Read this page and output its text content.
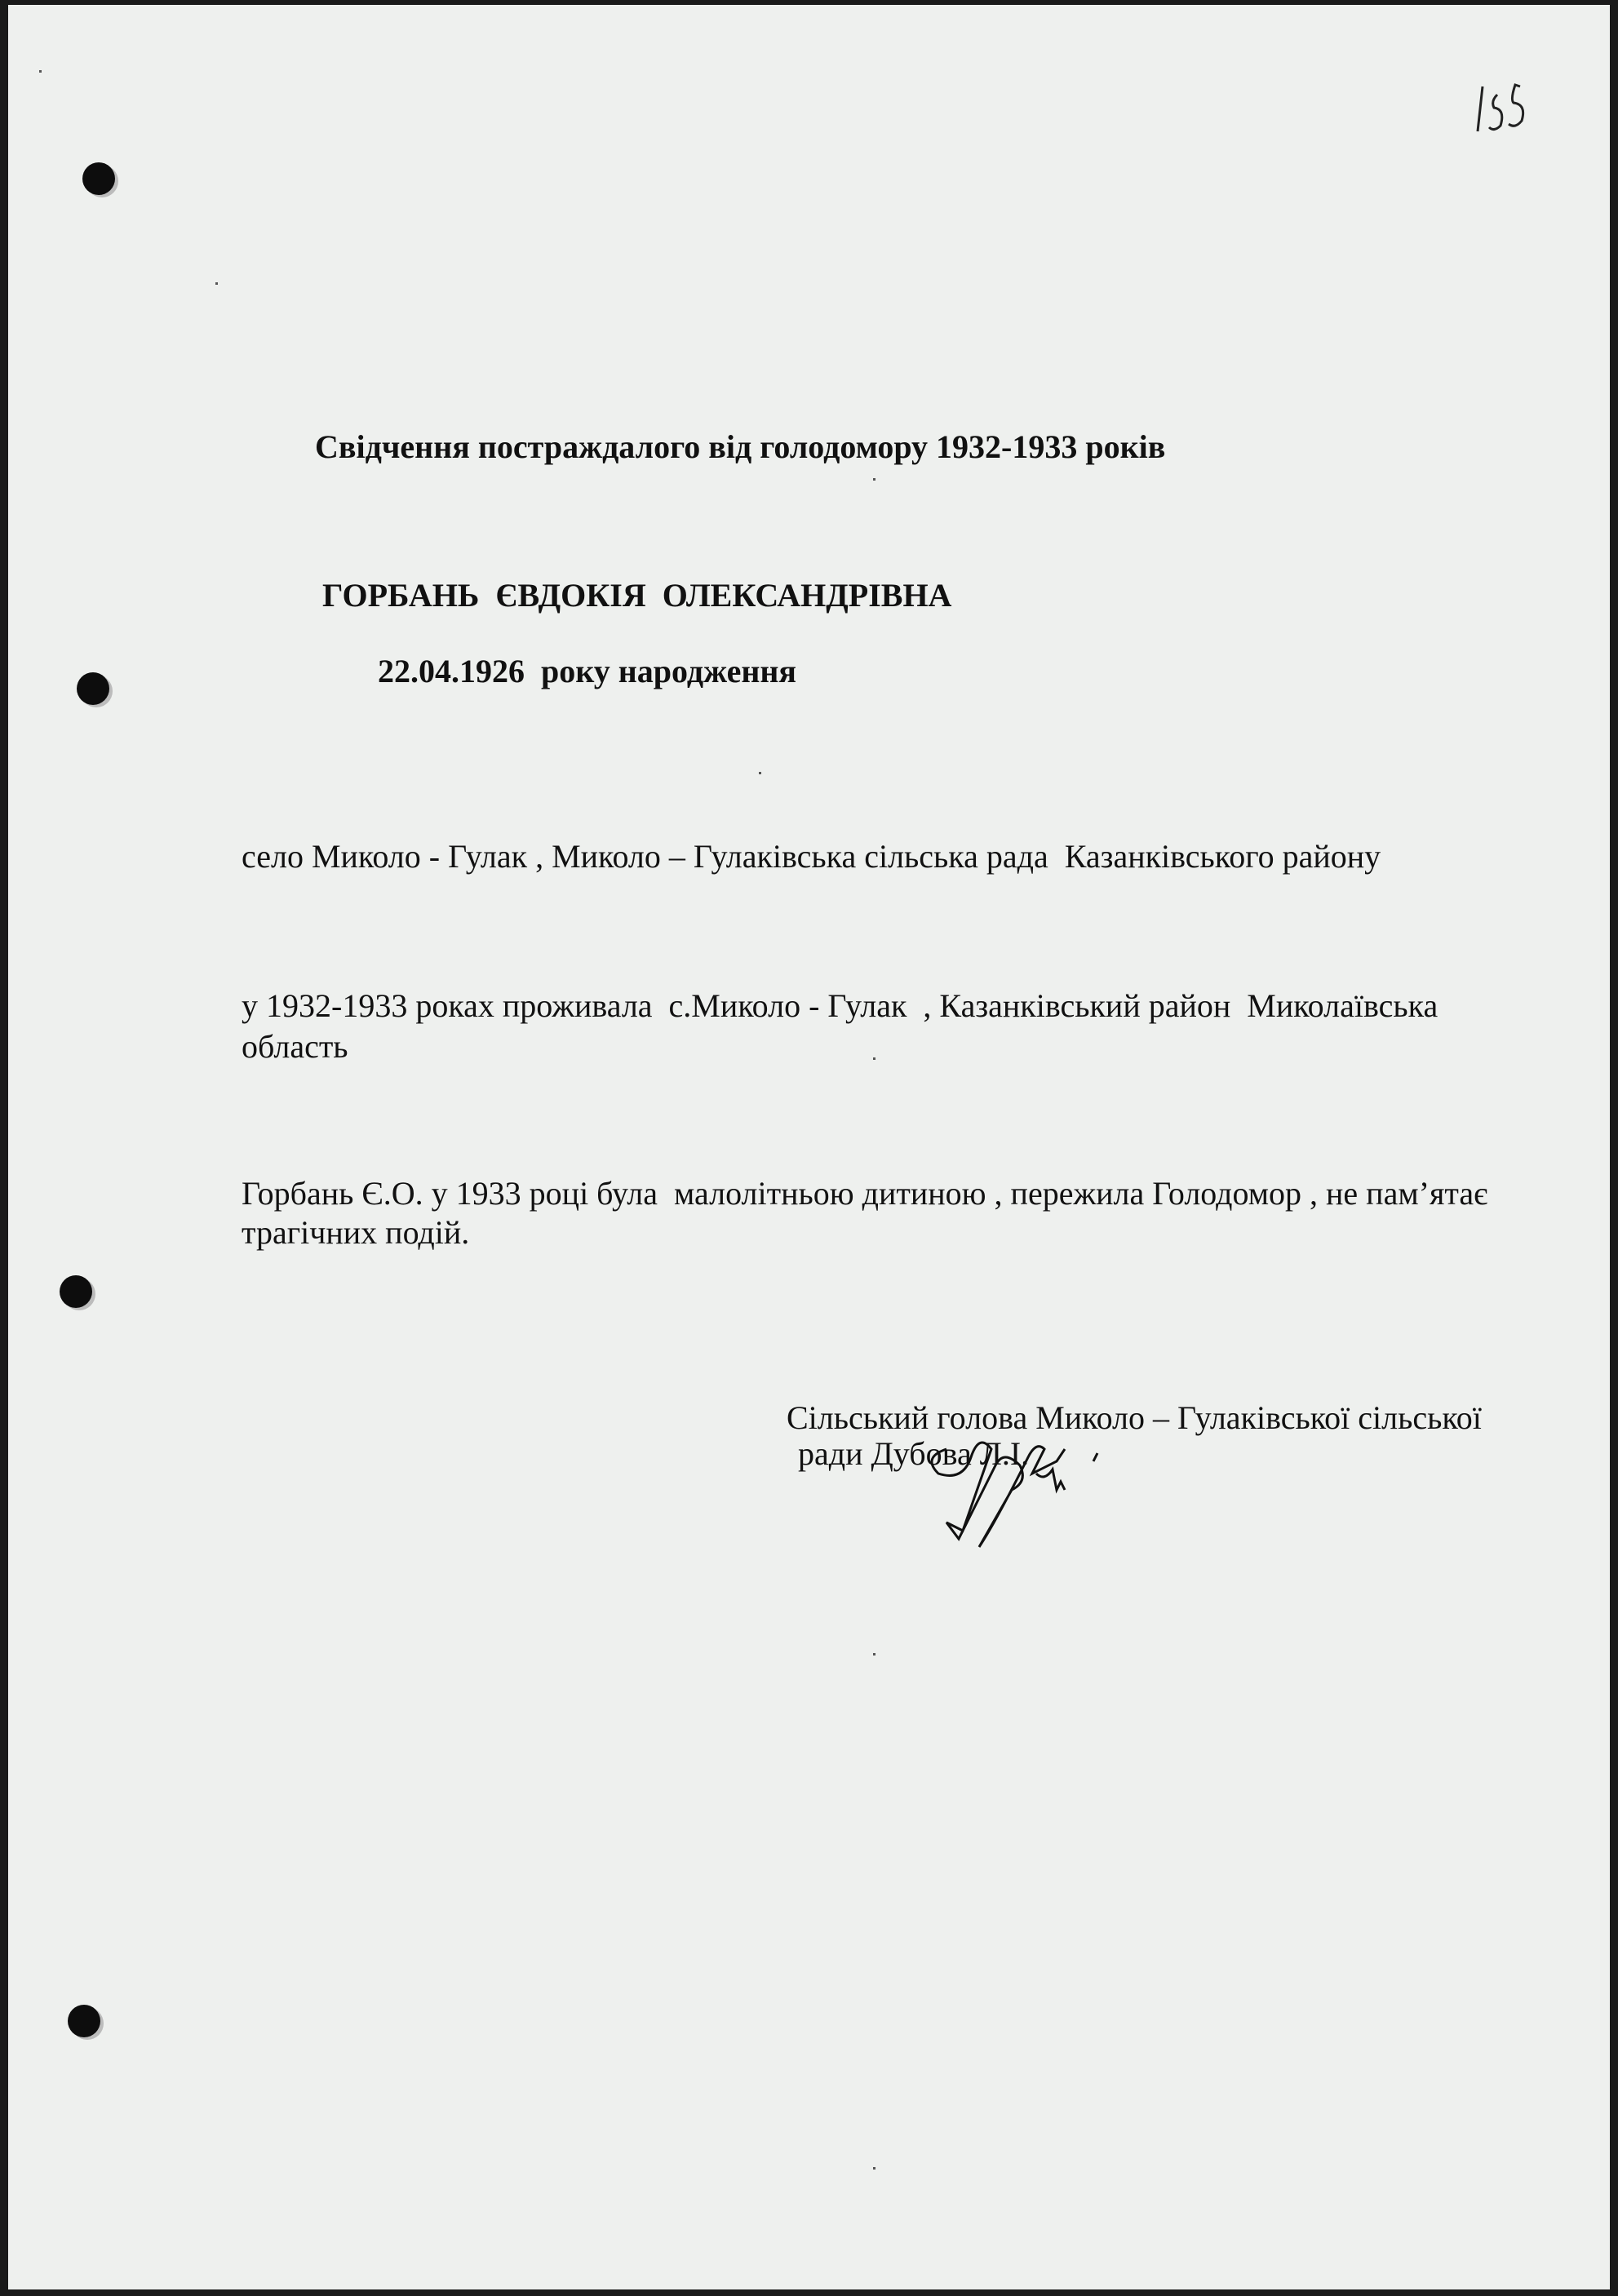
Свідчення постраждалого від голодомору 1932-1933 років
ГОРБАНЬ  ЄВДОКІЯ  ОЛЕКСАНДРІВНА
22.04.1926  року народження
село Миколо - Гулак , Миколо – Гулаківська сільська рада  Казанківського району
у 1932-1933 роках проживала  с.Миколо - Гулак  , Казанківський район  Миколаївська
область
Горбань Є.О. у 1933 році була  малолітньою дитиною , пережила Голодомор , не пам’ятає
трагічних подій.
Сільський голова Миколо – Гулаківської сільської
ради Дубова Л.І.
